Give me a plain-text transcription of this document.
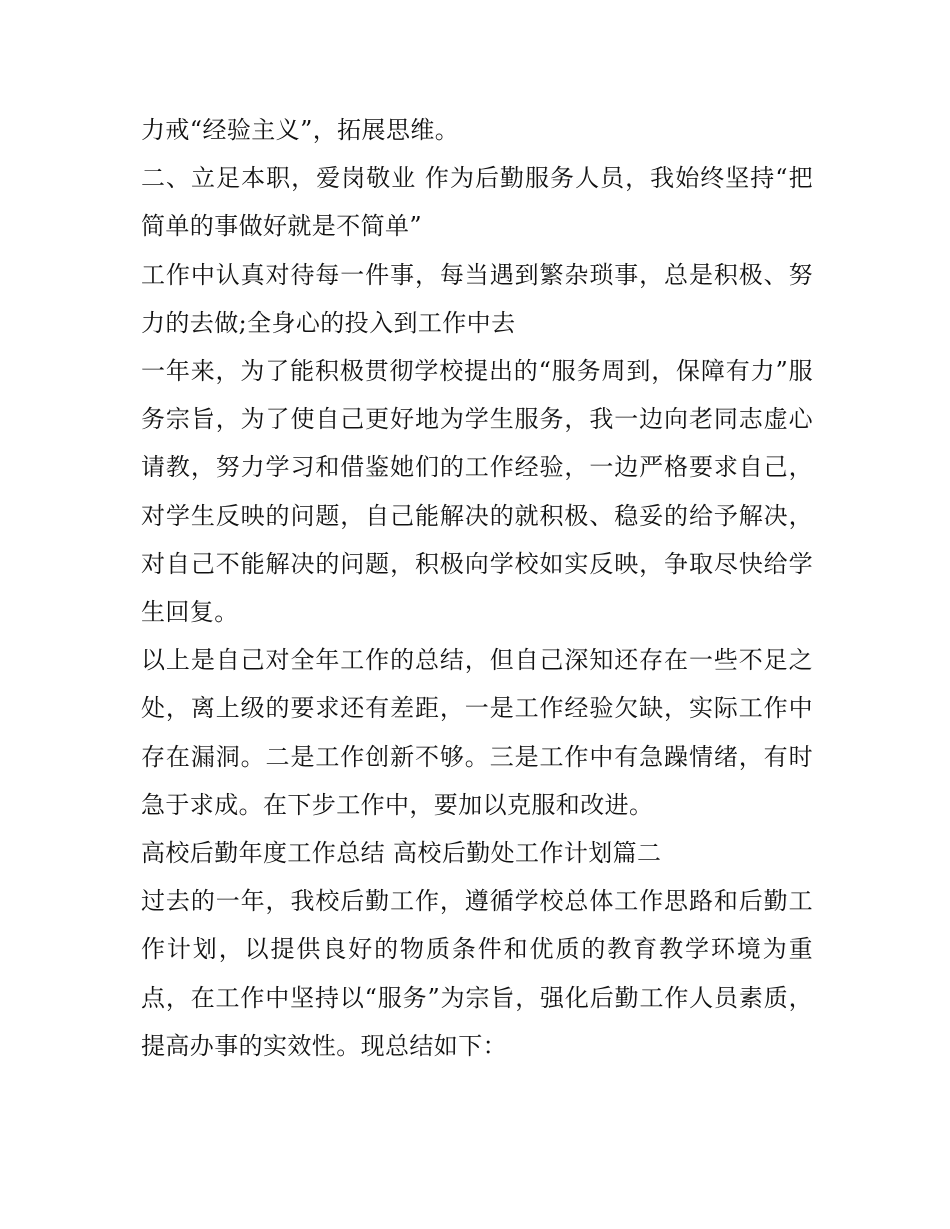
力戒“经验主义”，拓展思维。

二、立足本职，爱岗敬业 作为后勤服务人员，我始终坚持“把简单的事做好就是不简单”

工作中认真对待每一件事，每当遇到繁杂琐事，总是积极、努力的去做;全身心的投入到工作中去

一年来，为了能积极贯彻学校提出的“服务周到，保障有力”服务宗旨，为了使自己更好地为学生服务，我一边向老同志虚心请教，努力学习和借鉴她们的工作经验，一边严格要求自己，对学生反映的问题，自己能解决的就积极、稳妥的给予解决，对自己不能解决的问题，积极向学校如实反映，争取尽快给学生回复。

以上是自己对全年工作的总结，但自己深知还存在一些不足之处，离上级的要求还有差距，一是工作经验欠缺，实际工作中存在漏洞。二是工作创新不够。三是工作中有急躁情绪，有时急于求成。在下步工作中，要加以克服和改进。

高校后勤年度工作总结 高校后勤处工作计划篇二

过去的一年，我校后勤工作，遵循学校总体工作思路和后勤工作计划，以提供良好的物质条件和优质的教育教学环境为重点，在工作中坚持以“服务”为宗旨，强化后勤工作人员素质，提高办事的实效性。现总结如下：
